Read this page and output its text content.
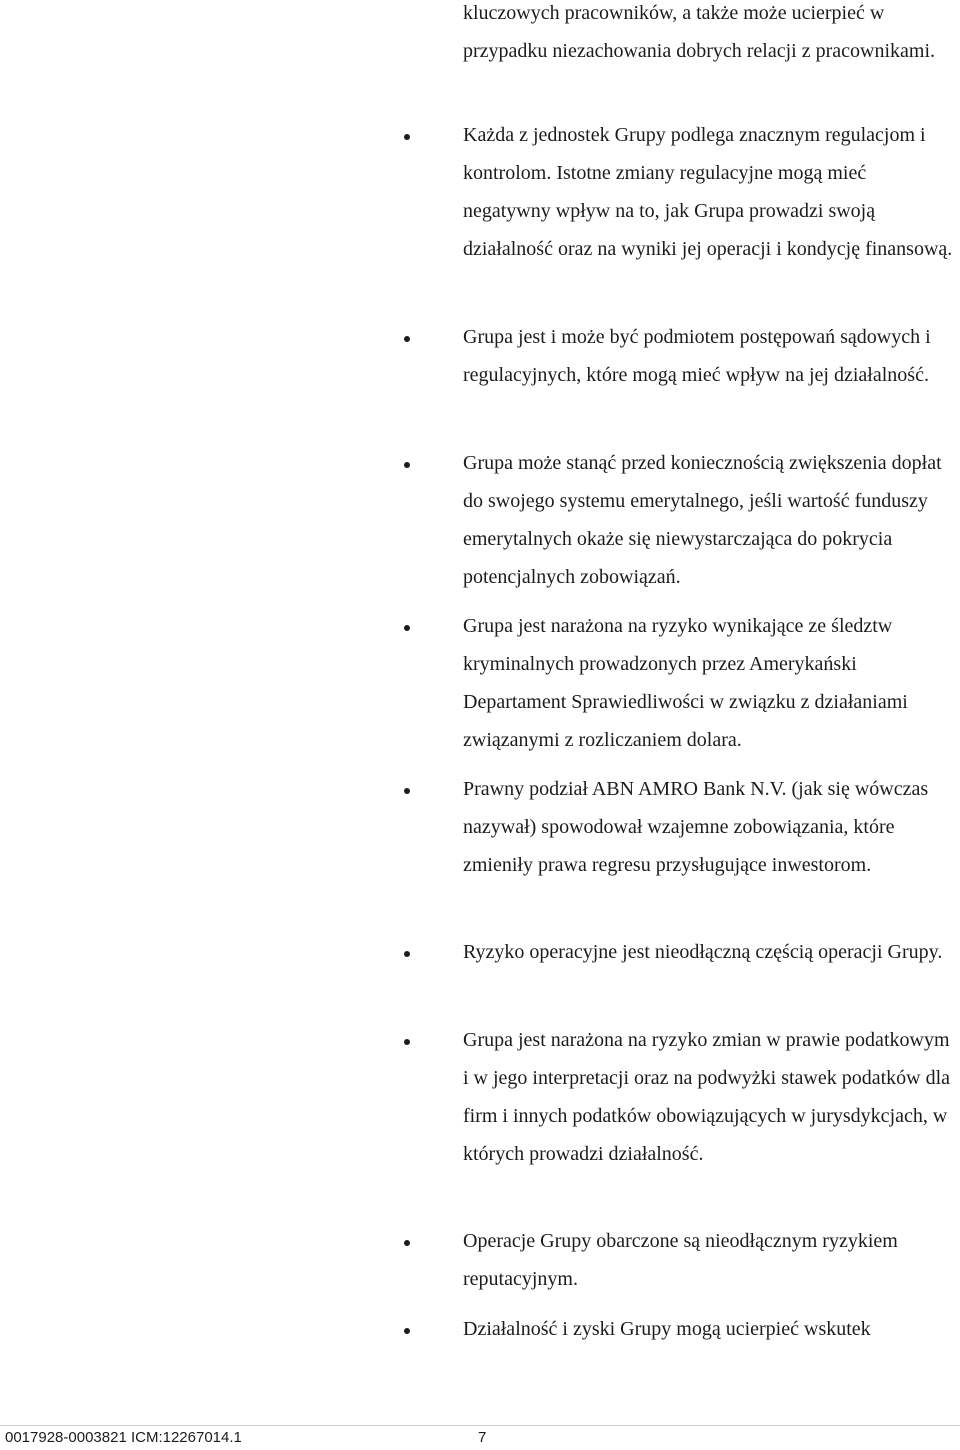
kluczowych pracowników, a także może ucierpieć w przypadku niezachowania dobrych relacji z pracownikami.

Każda z jednostek Grupy podlega znacznym regulacjom i kontrolom. Istotne zmiany regulacyjne mogą mieć negatywny wpływ na to, jak Grupa prowadzi swoją działalność oraz na wyniki jej operacji i kondycję finansową.

Grupa jest i może być podmiotem postępowań sądowych i regulacyjnych, które mogą mieć wpływ na jej działalność.

Grupa może stanąć przed koniecznością zwiększenia dopłat do swojego systemu emerytalnego, jeśli wartość funduszy emerytalnych okaże się niewystarczająca do pokrycia potencjalnych zobowiązań.

Grupa jest narażona na ryzyko wynikające ze śledztw kryminalnych prowadzonych przez Amerykański Departament Sprawiedliwości w związku z działaniami związanymi z rozliczaniem dolara.

Prawny podział ABN AMRO Bank N.V. (jak się wówczas nazywał) spowodował wzajemne zobowiązania, które zmieniły prawa regresu przysługujące inwestorom.

Ryzyko operacyjne jest nieodłączną częścią operacji Grupy.

Grupa jest narażona na ryzyko zmian w prawie podatkowym i w jego interpretacji oraz na podwyżki stawek podatków dla firm i innych podatków obowiązujących w jurysdykcjach, w których prowadzi działalność.

Operacje Grupy obarczone są nieodłącznym ryzykiem reputacyjnym.

Działalność i zyski Grupy mogą ucierpieć wskutek

0017928-0003821 ICM:12267014.1	7
